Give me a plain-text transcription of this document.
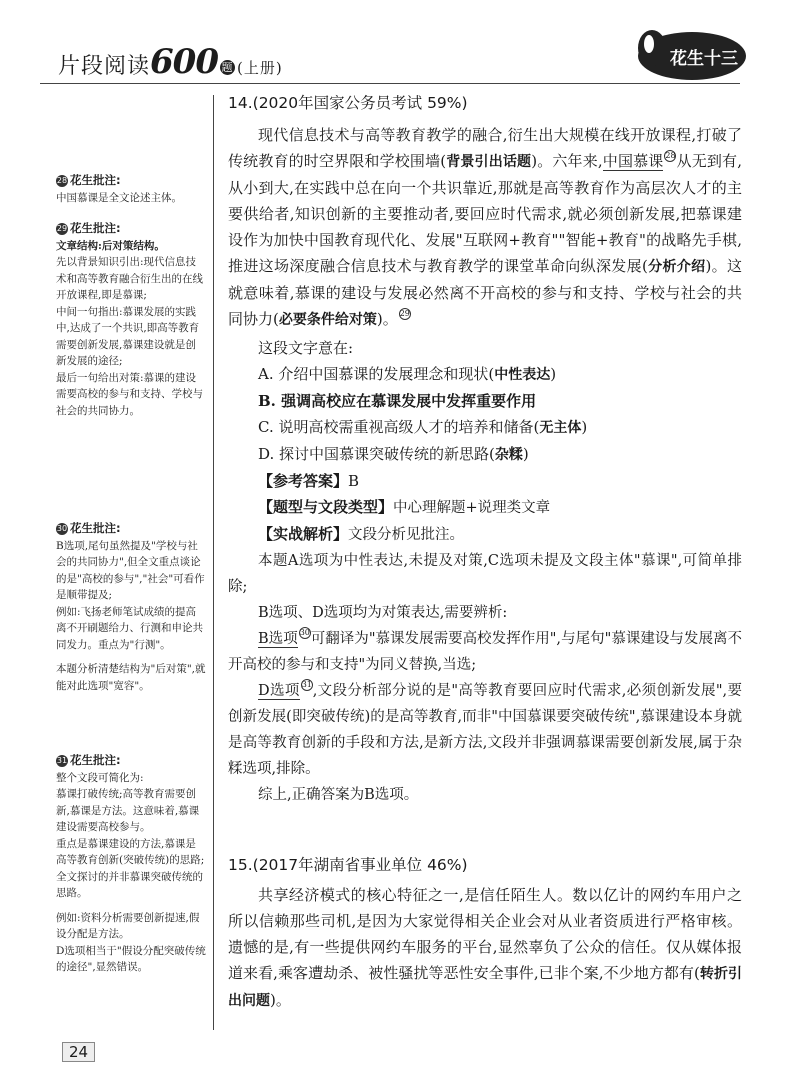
片段阅读600 题 (上册)	花生十三
28 花生批注:

中国慕课是全文论述主体。

29 花生批注:

文章结构:后对策结构。

先以背景知识引出:现代信息技术和高等教育融合衍生出的在线开放课程,即是慕课;

中间一句指出:慕课发展的实践中,达成了一个共识,即高等教育需要创新发展,慕课建设就是创新发展的途径;

最后一句给出对策:慕课的建设需要高校的参与和支持、学校与社会的共同协力。

30 花生批注:

B选项,尾句虽然提及"学校与社会的共同协力",但全文重点谈论的是"高校的参与","社会"可看作是顺带提及;

例如:飞扬老师笔试成绩的提高离不开刷题给力、行测和申论共同发力。重点为"行测"。

本题分析清楚结构为"后对策",就能对此选项"宽容"。

31 花生批注:

整个文段可简化为:

慕课打破传统;高等教育需要创新,慕课是方法。这意味着,慕课建设需要高校参与。

重点是慕课建设的方法,慕课是高等教育创新(突破传统)的思路;全文探讨的并非慕课突破传统的思路。

例如:资料分析需要创新提速,假设分配是方法。

D选项相当于"假设分配突破传统的途径",显然错误。

14.(2020年国家公务员考试 59%)

现代信息技术与高等教育教学的融合,衍生出大规模在线开放课程,打破了传统教育的时空界限和学校围墙(背景引出话题)。六年来,中国慕课 28从无到有,从小到大,在实践中总在向一个共识靠近,那就是高等教育作为高层次人才的主要供给者,知识创新的主要推动者,要回应时代需求,就必须创新发展,把慕课建设作为加快中国教育现代化、发展"互联网+教育""智能+教育"的战略先手棋,推进这场深度融合信息技术与教育教学的课堂革命向纵深发展(分析介绍)。这就意味着,慕课的建设与发展必然离不开高校的参与和支持、学校与社会的共同协力(必要条件给对策)。 29

这段文字意在:

A. 介绍中国慕课的发展理念和现状(中性表达)

B. 强调高校应在慕课发展中发挥重要作用

C. 说明高校需重视高级人才的培养和储备(无主体)

D. 探讨中国慕课突破传统的新思路(杂糅)

【参考答案】B

【题型与文段类型】中心理解题+说理类文章

【实战解析】文段分析见批注。

本题A选项为中性表达,未提及对策,C选项未提及文段主体"慕课",可简单排除;

B选项、D选项均为对策表达,需要辨析:

B选项 30可翻译为"慕课发展需要高校发挥作用",与尾句"慕课建设与发展离不开高校的参与和支持"为同义替换,当选;

D选项 31,文段分析部分说的是"高等教育要回应时代需求,必须创新发展",要创新发展(即突破传统)的是高等教育,而非"中国慕课要突破传统",慕课建设本身就是高等教育创新的手段和方法,是新方法,文段并非强调慕课需要创新发展,属于杂糅选项,排除。

综上,正确答案为B选项。

15.(2017年湖南省事业单位 46%)

共享经济模式的核心特征之一,是信任陌生人。数以亿计的网约车用户之所以信赖那些司机,是因为大家觉得相关企业会对从业者资质进行严格审核。遗憾的是,有一些提供网约车服务的平台,显然辜负了公众的信任。仅从媒体报道来看,乘客遭劫杀、被性骚扰等恶性安全事件,已非个案,不少地方都有(转折引出问题)。

24
